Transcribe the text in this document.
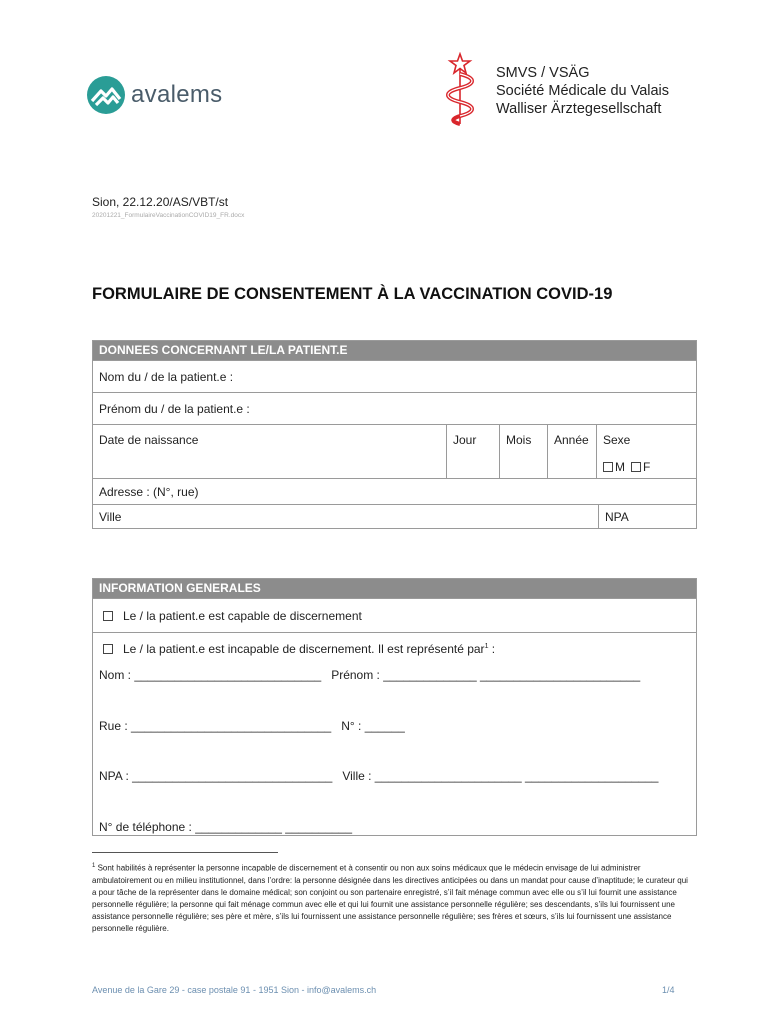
avalems
SMVS / VSÄG
Société Médicale du Valais
Walliser Ärztegesellschaft
Sion, 22.12.20/AS/VBT/st
20201221_FormulaireVaccinationCOVID19_FR.docx
FORMULAIRE DE CONSENTEMENT À LA VACCINATION COVID-19
DONNEES CONCERNANT LE/LA PATIENT.E
Nom du / de la patient.e :
Prénom du / de la patient.e :
Date de naissance	Jour	Mois	Année	Sexe
M	F
Adresse : (N°, rue)
Ville	NPA
INFORMATION GENERALES
Le / la patient.e est capable de discernement
Le / la patient.e est incapable de discernement. Il est représenté par$^1$ :
Nom : ____________________________   Prénom : ______________ ________________________
Rue : ______________________________   N° : ______
NPA : ______________________________   Ville : ______________________ ____________________
N° de téléphone : _____________ __________
$^1$ Sont habilités à représenter la personne incapable de discernement et à consentir ou non aux soins médicaux que le médecin envisage de lui administrer ambulatoirement ou en milieu institutionnel, dans l’ordre: la personne désignée dans les directives anticipées ou dans un mandat pour cause d’inaptitude; le curateur qui a pour tâche de la représenter dans le domaine médical; son conjoint ou son partenaire enregistré, s’il fait ménage commun avec elle ou s’il lui fournit une assistance personnelle régulière; la personne qui fait ménage commun avec elle et qui lui fournit une assistance personnelle régulière; ses descendants, s’ils lui fournissent une assistance personnelle régulière; ses père et mère, s’ils lui fournissent une assistance personnelle régulière; ses frères et sœurs, s’ils lui fournissent une assistance personnelle régulière.
Avenue de la Gare 29 - case postale 91 - 1951 Sion - info@avalems.ch	1/4
